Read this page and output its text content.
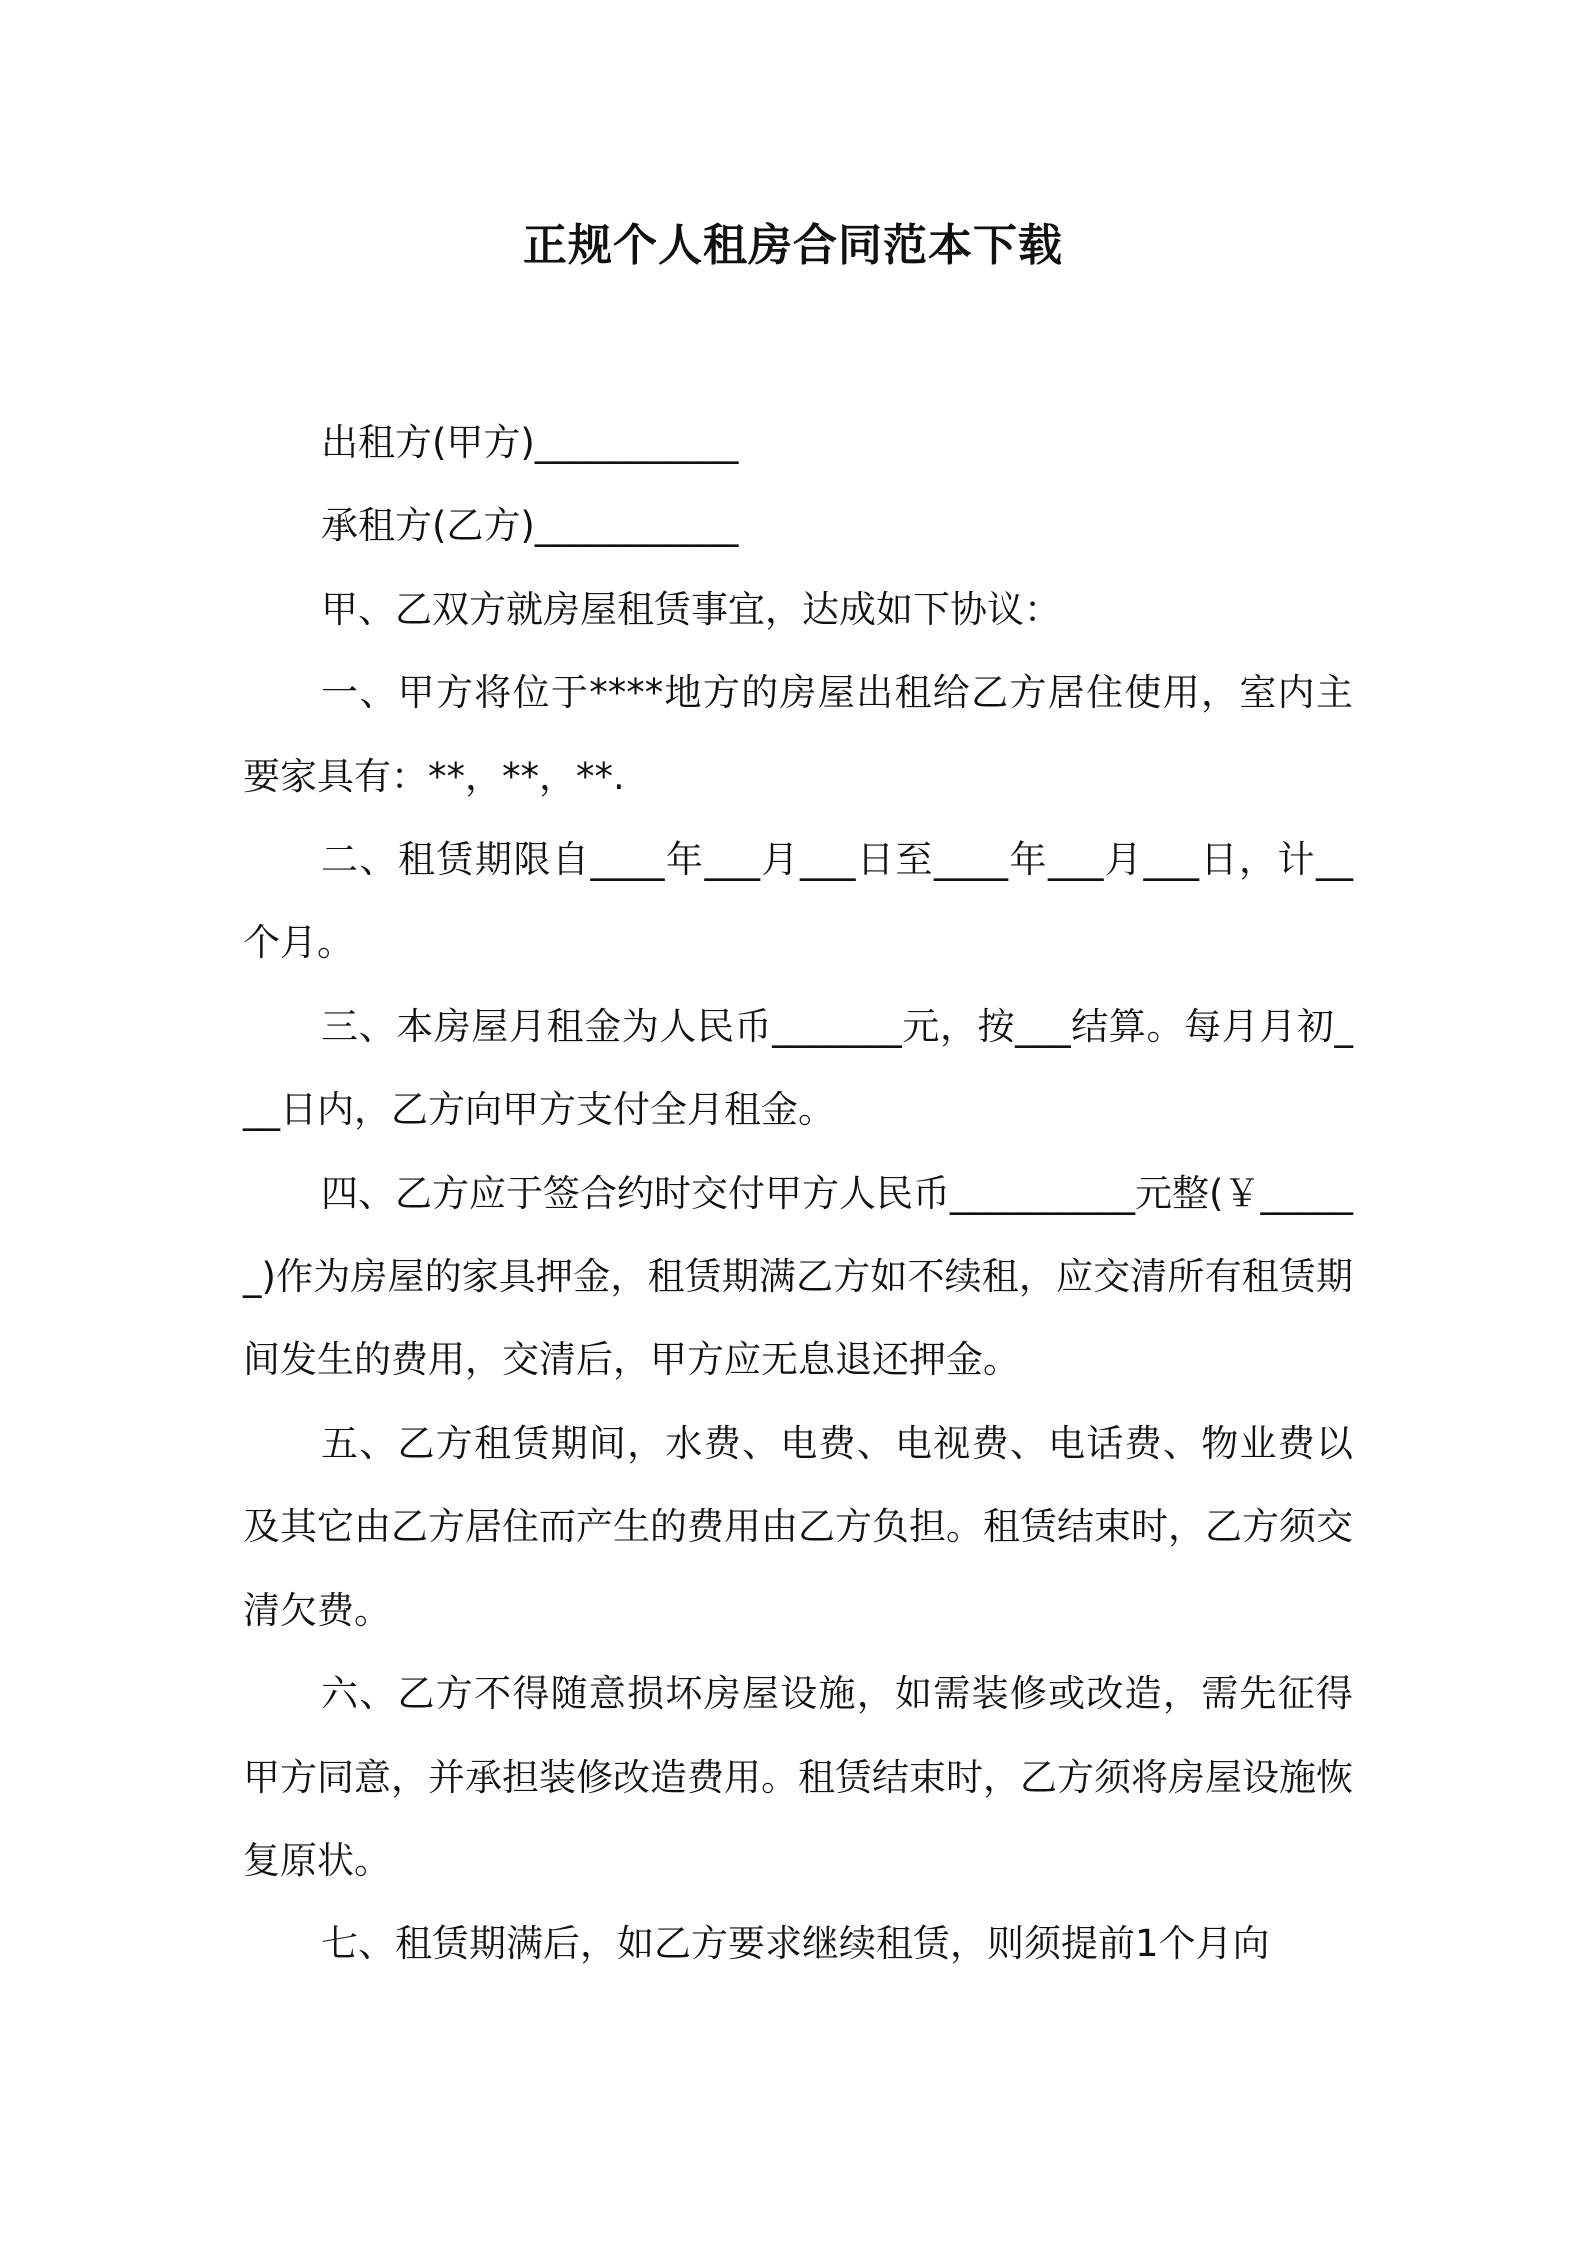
正规个人租房合同范本下载

出租方(甲方)___________

承租方(乙方)___________

甲、乙双方就房屋租赁事宜，达成如下协议：

一、甲方将位于****地方的房屋出租给乙方居住使用，室内主要家具有：**，**，**.

二、租赁期限自____年___月___日至____年___月___日，计__个月。

三、本房屋月租金为人民币_______元，按___结算。每月月初___日内，乙方向甲方支付全月租金。

四、乙方应于签合约时交付甲方人民币__________元整(￥______)作为房屋的家具押金，租赁期满乙方如不续租，应交清所有租赁期间发生的费用，交清后，甲方应无息退还押金。

五、乙方租赁期间，水费、电费、电视费、电话费、物业费以及其它由乙方居住而产生的费用由乙方负担。租赁结束时，乙方须交清欠费。

六、乙方不得随意损坏房屋设施，如需装修或改造，需先征得甲方同意，并承担装修改造费用。租赁结束时，乙方须将房屋设施恢复原状。

七、租赁期满后，如乙方要求继续租赁，则须提前1个月向
